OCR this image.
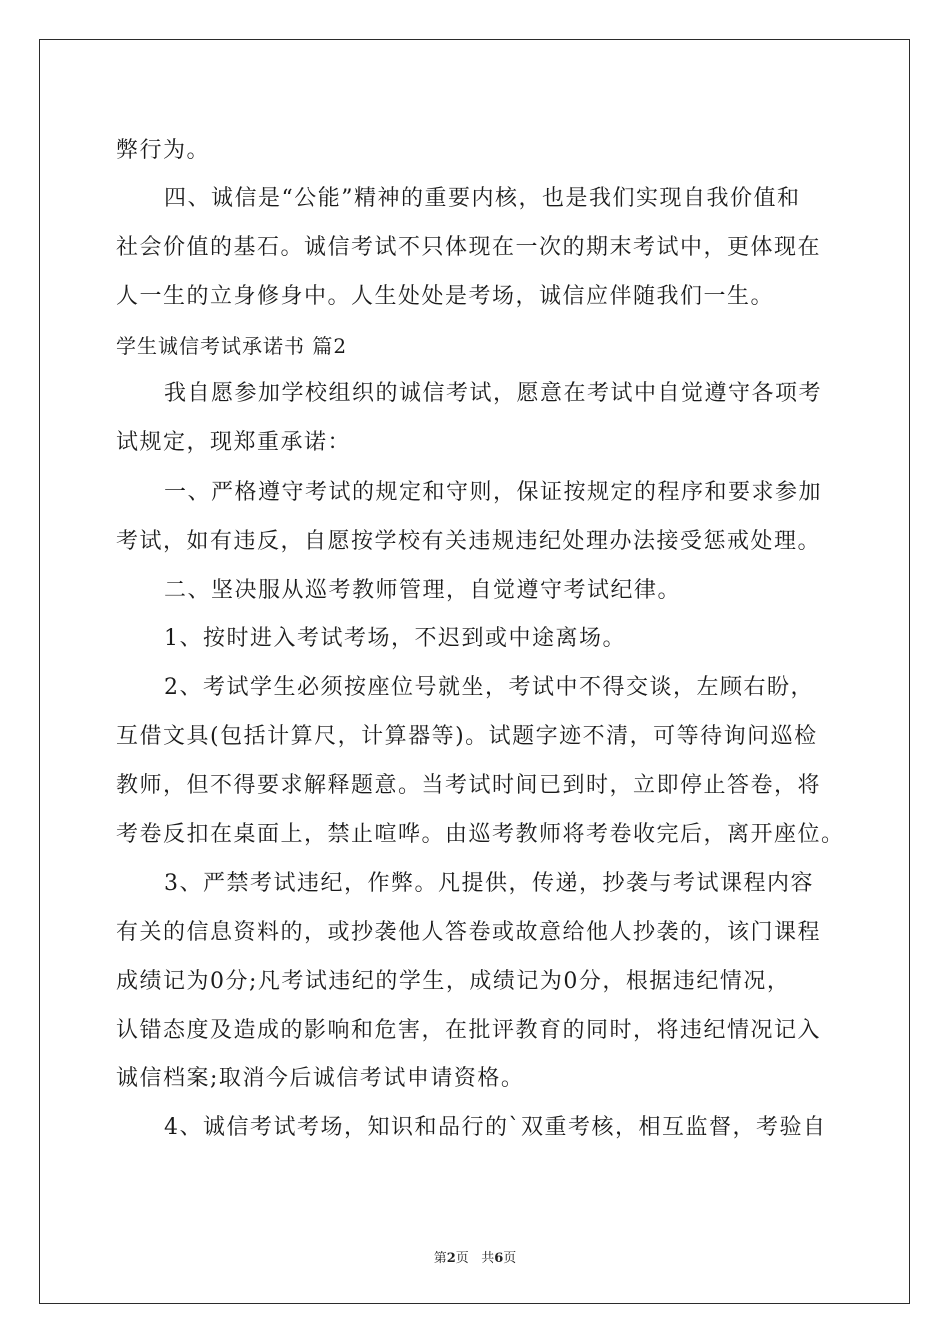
弊行为。
四、诚信是“公能”精神的重要内核，也是我们实现自我价值和
社会价值的基石。诚信考试不只体现在一次的期末考试中，更体现在
人一生的立身修身中。人生处处是考场，诚信应伴随我们一生。
学生诚信考试承诺书 篇2
我自愿参加学校组织的诚信考试，愿意在考试中自觉遵守各项考
试规定，现郑重承诺：
一、严格遵守考试的规定和守则，保证按规定的程序和要求参加
考试，如有违反，自愿按学校有关违规违纪处理办法接受惩戒处理。
二、坚决服从巡考教师管理，自觉遵守考试纪律。
1、按时进入考试考场，不迟到或中途离场。
2、考试学生必须按座位号就坐，考试中不得交谈，左顾右盼，
互借文具(包括计算尺，计算器等)。试题字迹不清，可等待询问巡检
教师，但不得要求解释题意。当考试时间已到时，立即停止答卷，将
考卷反扣在桌面上，禁止喧哗。由巡考教师将考卷收完后，离开座位。
3、严禁考试违纪，作弊。凡提供，传递，抄袭与考试课程内容
有关的信息资料的，或抄袭他人答卷或故意给他人抄袭的，该门课程
成绩记为0分;凡考试违纪的学生，成绩记为0分，根据违纪情况，
认错态度及造成的影响和危害，在批评教育的同时，将违纪情况记入
诚信档案;取消今后诚信考试申请资格。
4、诚信考试考场，知识和品行的`双重考核，相互监督，考验自
第2页   共6页
